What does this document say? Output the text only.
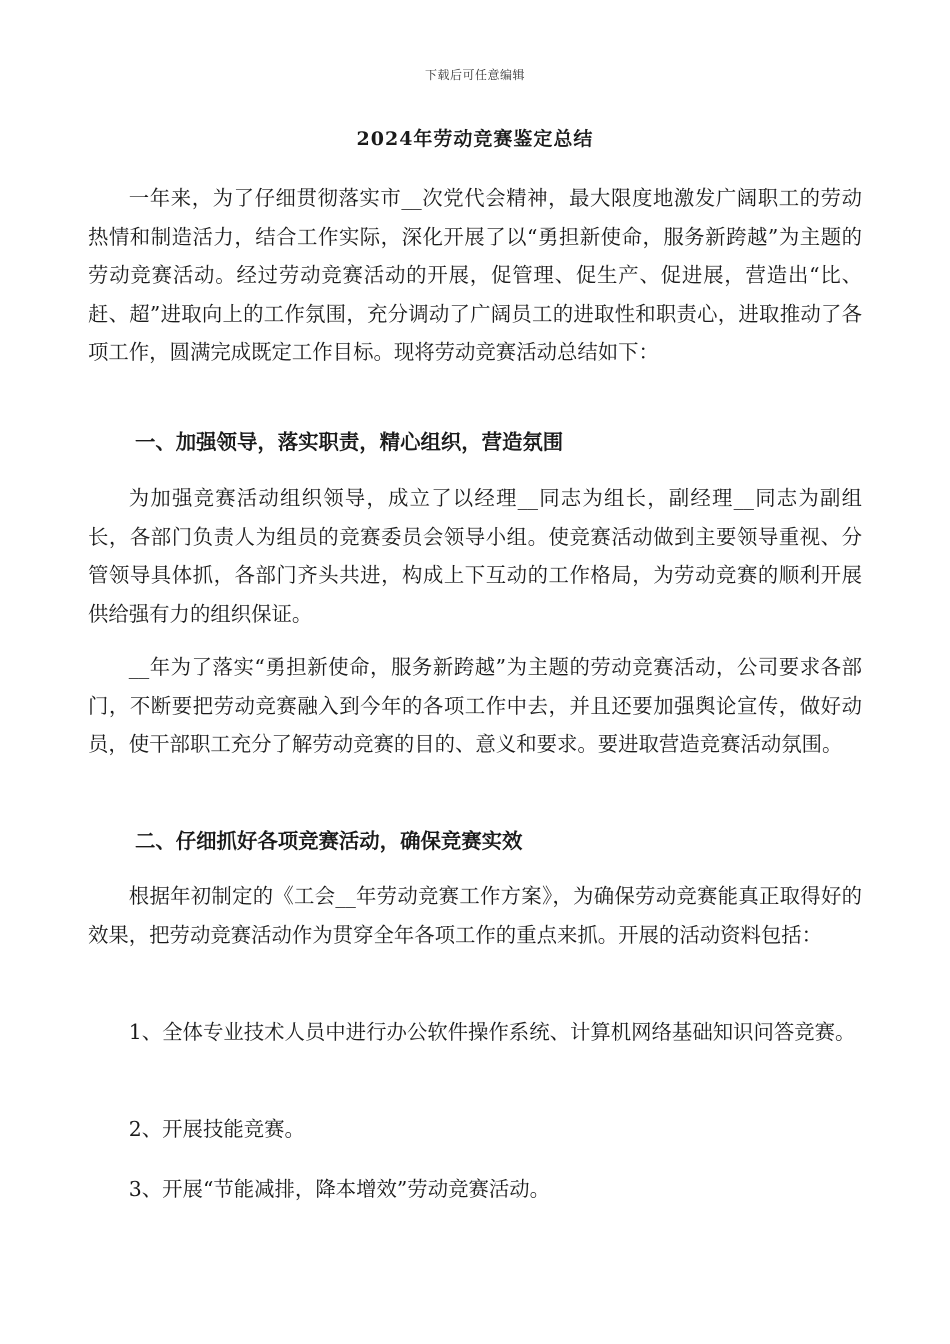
下载后可任意编辑
2024年劳动竞赛鉴定总结

一年来，为了仔细贯彻落实市__次党代会精神，最大限度地激发广阔职工的劳动热情和制造活力，结合工作实际，深化开展了以“勇担新使命，服务新跨越”为主题的劳动竞赛活动。经过劳动竞赛活动的开展，促管理、促生产、促进展，营造出“比、赶、超”进取向上的工作氛围，充分调动了广阔员工的进取性和职责心，进取推动了各项工作，圆满完成既定工作目标。现将劳动竞赛活动总结如下：

一、加强领导，落实职责，精心组织，营造氛围

为加强竞赛活动组织领导，成立了以经理__同志为组长，副经理__同志为副组长，各部门负责人为组员的竞赛委员会领导小组。使竞赛活动做到主要领导重视、分管领导具体抓，各部门齐头共进，构成上下互动的工作格局，为劳动竞赛的顺利开展供给强有力的组织保证。

__年为了落实“勇担新使命，服务新跨越”为主题的劳动竞赛活动，公司要求各部门，不断要把劳动竞赛融入到今年的各项工作中去，并且还要加强舆论宣传，做好动员，使干部职工充分了解劳动竞赛的目的、意义和要求。要进取营造竞赛活动氛围。

二、仔细抓好各项竞赛活动，确保竞赛实效

根据年初制定的《工会__年劳动竞赛工作方案》，为确保劳动竞赛能真正取得好的效果，把劳动竞赛活动作为贯穿全年各项工作的重点来抓。开展的活动资料包括：

1、全体专业技术人员中进行办公软件操作系统、计算机网络基础知识问答竞赛。

2、开展技能竞赛。

3、开展“节能减排，降本增效”劳动竞赛活动。
